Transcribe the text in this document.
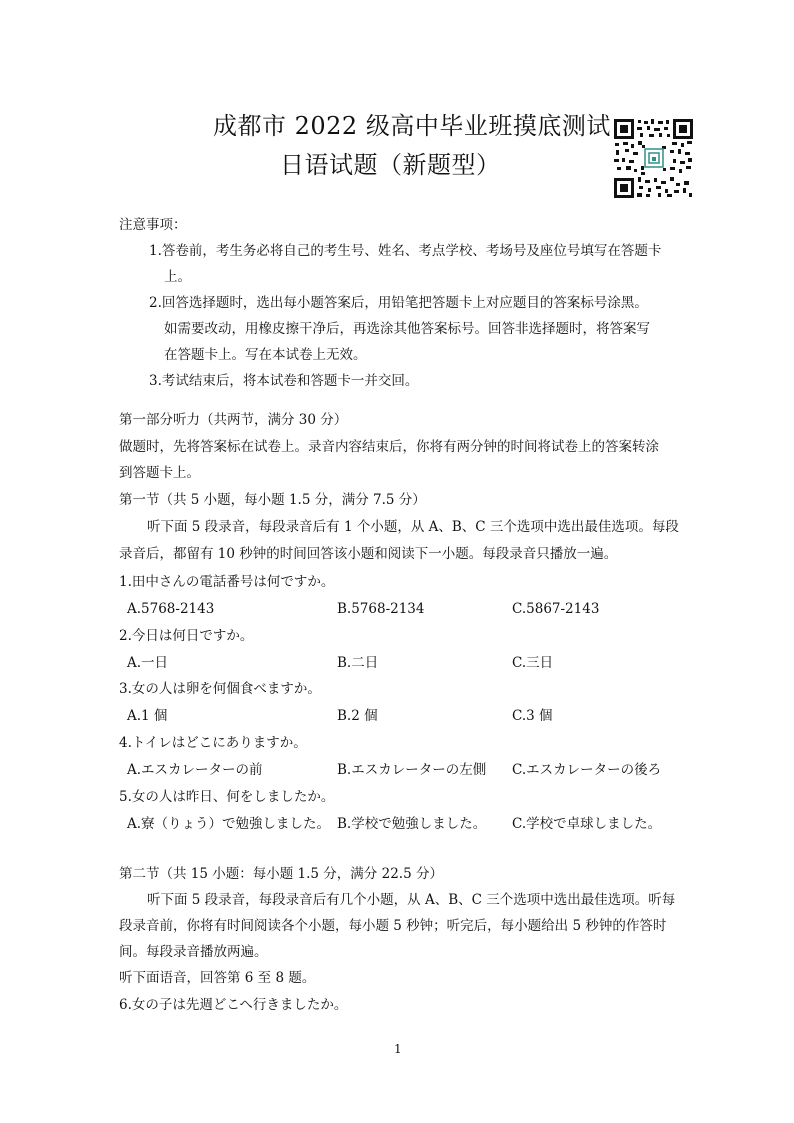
成都市 2022 级高中毕业班摸底测试
日语试题（新题型）
注意事项：
1.答卷前，考生务必将自己的考生号、姓名、考点学校、考场号及座位号填写在答题卡
上。
2.回答选择题时，选出每小题答案后，用铅笔把答题卡上对应题目的答案标号涂黑。
如需要改动，用橡皮擦干净后，再选涂其他答案标号。回答非选择题时，将答案写
在答题卡上。写在本试卷上无效。
3.考试结束后，将本试卷和答题卡一并交回。
第一部分听力（共两节，满分 30 分）
做题时，先将答案标在试卷上。录音内容结束后，你将有两分钟的时间将试卷上的答案转涂
到答题卡上。
第一节（共 5 小题，每小题 1.5 分，满分 7.5 分）
听下面 5 段录音，每段录音后有 1 个小题，从 A、B、C 三个选项中选出最佳选项。每段
录音后，都留有 10 秒钟的时间回答该小题和阅读下一小题。每段录音只播放一遍。
1.田中さんの電話番号は何ですか。
A.5768-2143	B.5768-2134	C.5867-2143
2.今日は何日ですか。
A.一日	B.二日	C.三日
3.女の人は卵を何個食べますか。
A.1 個	B.2 個	C.3 個
4.トイレはどこにありますか。
A.エスカレーターの前	B.エスカレーターの左側 C.エスカレーターの後ろ
5.女の人は昨日、何をしましたか。
A.寮（りょう）で勉強しました。 B.学校で勉強しました。 C.学校で卓球しました。
第二节（共 15 小题：每小题 1.5 分，满分 22.5 分）
听下面 5 段录音，每段录音后有几个小题，从 A、B、C 三个选项中选出最佳选项。听每
段录音前，你将有时间阅读各个小题，每小题 5 秒钟；听完后，每小题给出 5 秒钟的作答时
间。每段录音播放两遍。
听下面语音，回答第 6 至 8 题。
6.女の子は先週どこへ行きましたか。
1
